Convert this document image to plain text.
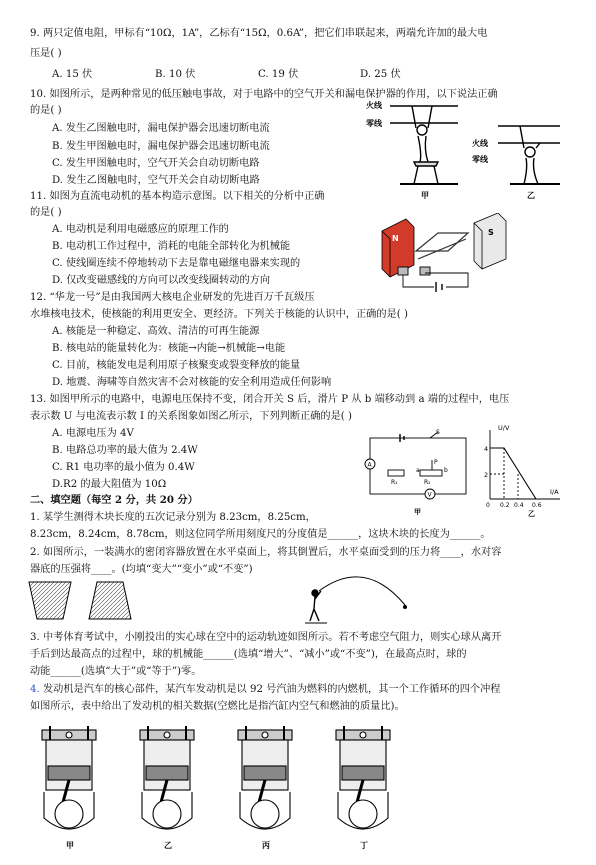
9. 两只定值电阻，甲标有“10Ω，1A”，乙标有“15Ω，0.6A”，把它们串联起来，两端允许加的最大电
压是( )
A. 15 伏	B. 10 伏	C. 19 伏	D. 25 伏
10. 如图所示，是两种常见的低压触电事故，对于电路中的空气开关和漏电保护器的作用，以下说法正确
的是( )
A. 发生乙图触电时，漏电保护器会迅速切断电流
B. 发生甲图触电时，漏电保护器会迅速切断电流
C. 发生甲图触电时，空气开关会自动切断电路
D. 发生乙图触电时，空气开关会自动切断电路
火线
零线
甲
火线
零线
乙
11. 如图为直流电动机的基本构造示意图。以下相关的分析中正确
的是( )
A. 电动机是利用电磁感应的原理工作的
B. 电动机工作过程中，消耗的电能全部转化为机械能
C. 使线圈连续不停地转动下去是靠电磁继电器来实现的
D. 仅改变磁感线的方向可以改变线圈转动的方向
N
S
12. “华龙一号”是由我国两大核电企业研发的先进百万千瓦级压
水堆核电技术，使核能的利用更安全、更经济。下列关于核能的认识中，正确的是( )
A. 核能是一种稳定、高效、清洁的可再生能源
B. 核电站的能量转化为：核能→内能→机械能→电能
C. 目前，核能发电是利用原子核聚变或裂变释放的能量
D. 地震、海啸等自然灾害不会对核能的安全利用造成任何影响
13. 如图甲所示的电路中，电源电压保持不变，闭合开关 S 后，滑片 P 从 b 端移动到 a 端的过程中，电压
表示数 U 与电流表示数 I 的关系图象如图乙所示，下列判断正确的是( )
A. 电源电压为 4V
B. 电路总功率的最大值为 2.4W
C. R1 电功率的最小值为 0.4W
D.R2 的最大阻值为 10Ω
S
A	P
R₁	R₂
V
a	b
甲
U/V
I/A
4
2
0 0.2 0.4 0.6
乙
二、填空题（每空 2 分，共 20 分）
1. 某学生测得木块长度的五次记录分别为 8.23cm，8.25cm，
8.23cm，8.24cm，8.78cm，则这位同学所用刻度尺的分度值是______，这块木块的长度为______。
2. 如图所示，一装满水的密闭容器放置在水平桌面上，将其倒置后，水平桌面受到的压力将____，水对容
器底的压强将____。(均填“变大”“变小”或“不变”)
3. 中考体育考试中，小刚投出的实心球在空中的运动轨迹如图所示。若不考虑空气阻力，则实心球从离开
手后到达最高点的过程中，球的机械能______(选填“增大”、“减小”或“不变”)，在最高点时，球的
动能______(选填“大于”或“等于”)零。
4. 发动机是汽车的核心部件，某汽车发动机是以 92 号汽油为燃料的内燃机，其一个工作循环的四个冲程
如图所示，表中给出了发动机的相关数据(空燃比是指汽缸内空气和燃油的质量比)。
甲	乙	丙	丁
